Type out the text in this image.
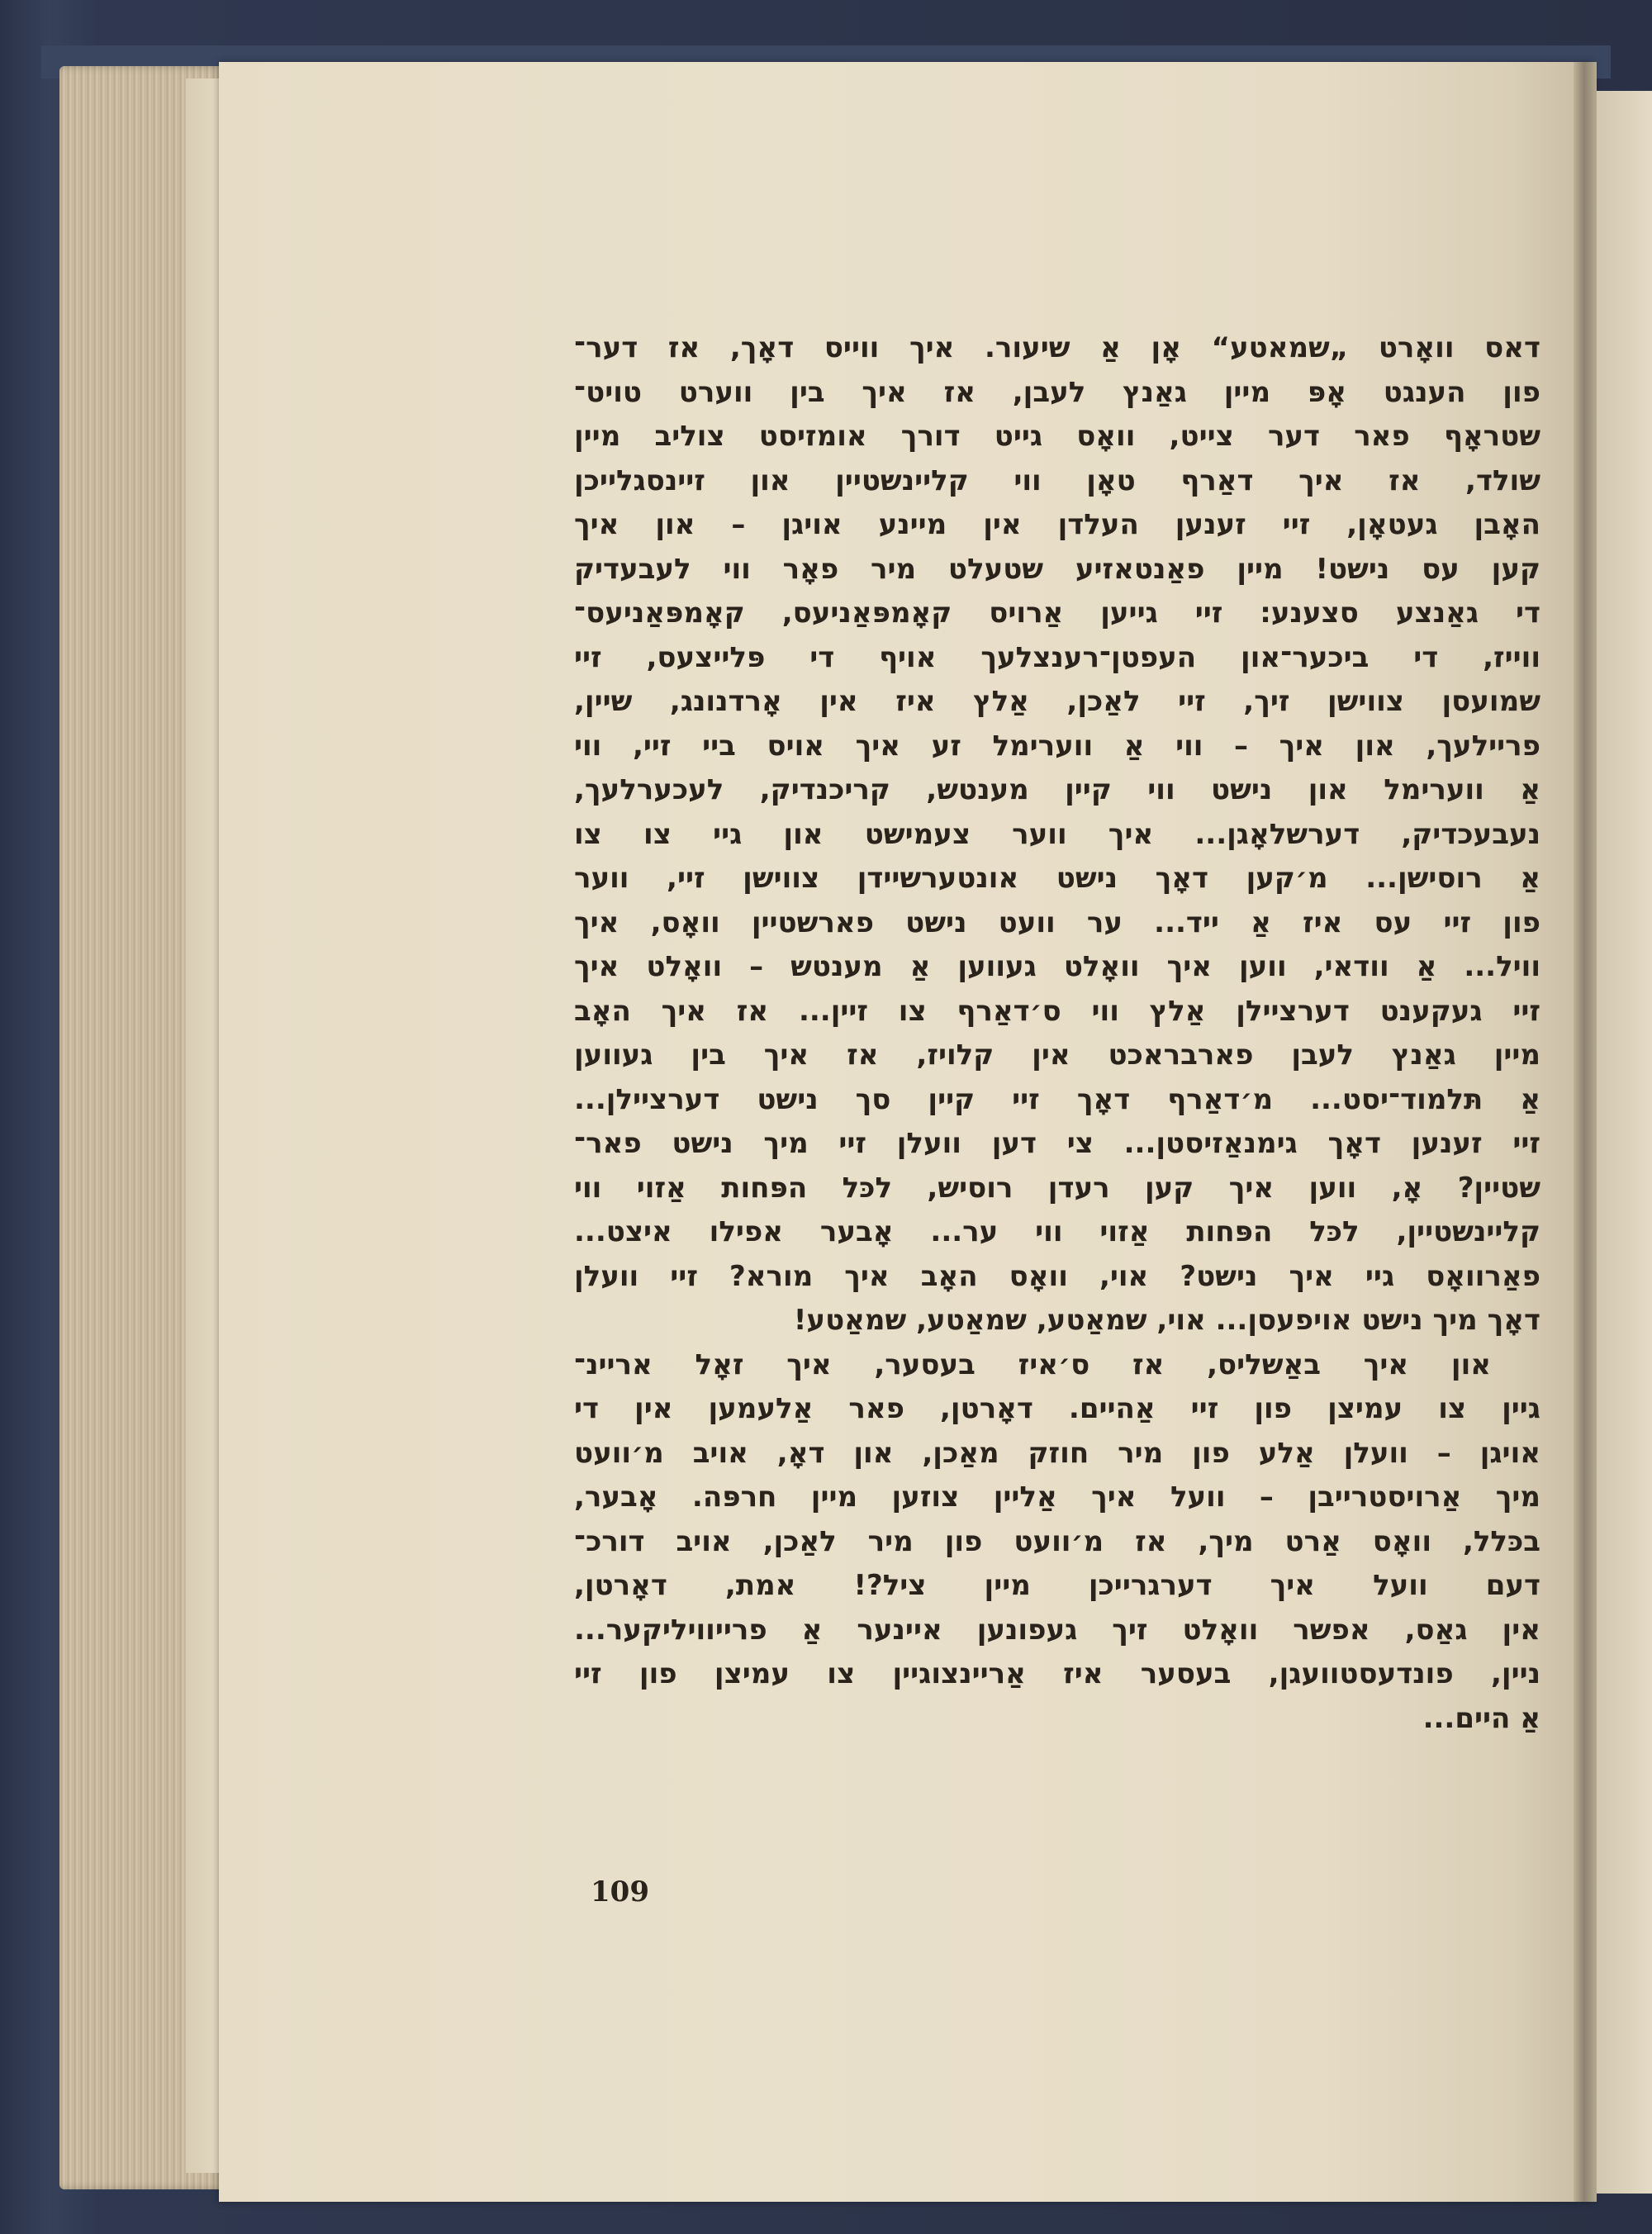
דאס וואָרט „שמאטע“ אָן אַ שיעור. איך ווייס דאָך, אז דער־
פון הענגט אָפּ מיין גאַנץ לעבן, אז איך בין ווערט טויט־
שטראָף פאר דער צייט, וואָס גייט דורך אומזיסט צוליב מיין
שולד, אז איך דאַרף טאָן ווי קליינשטיין און זיינסגלייכן
האָבן געטאָן, זיי זענען העלדן אין מיינע אויגן – און איך
קען עס נישט! מיין פאַנטאזיע שטעלט מיר פאָר ווי לעבעדיק
די גאַנצע סצענע: זיי גייען אַרויס קאָמפּאַניעס, קאָמפּאַניעס־
ווייז, די ביכער־און העפטן־רענצלעך אויף די פּלייצעס, זיי
שמועסן צווישן זיך, זיי לאַכן, אַלץ איז אין אָרדנונג, שיין,
פריילעך, און איך – ווי אַ ווערימל זע איך אויס ביי זיי, ווי
אַ ווערימל און נישט ווי קיין מענטש, קריכנדיק, לעכערלעך,
נעבעכדיק, דערשלאָגן... איך ווער צעמישט און גיי צו צו
אַ רוסישן... מ׳קען דאָך נישט אונטערשיידן צווישן זיי, ווער
פון זיי עס איז אַ ייד... ער וועט נישט פארשטיין וואָס, איך
וויל... אַ וודאי, ווען איך וואָלט געווען אַ מענטש – וואָלט איך
זיי געקענט דערציילן אַלץ ווי ס׳דאַרף צו זיין... אז איך האָב
מיין גאַנץ לעבן פארבראכט אין קלויז, אז איך בין געווען
אַ תּלמוד־יסט... מ׳דאַרף דאָך זיי קיין סך נישט דערציילן...
זיי זענען דאָך גימנאַזיסטן... צי דען וועלן זיי מיך נישט פאר־
שטיין? אָ, ווען איך קען רעדן רוסיש, לכּל הפּחות אַזוי ווי
קליינשטיין, לכּל הפּחות אַזוי ווי ער... אָבער אפילו איצט...
פאַרוואָס גיי איך נישט? אוי, וואָס האָב איך מורא? זיי וועלן
דאָך מיך נישט אויפעסן... אוי, שמאַטע, שמאַטע, שמאַטע!
און איך באַשליס, אז ס׳איז בעסער, איך זאָל אריינ־
גיין צו עמיצן פון זיי אַהיים. דאָרטן, פאר אַלעמען אין די
אויגן – וועלן אַלע פון מיר חוזק מאַכן, און דאָ, אויב מ׳וועט
מיך אַרויסטרייבן – וועל איך אַליין צוזען מיין חרפּה. אָבער,
בכּלל, וואָס אַרט מיך, אז מ׳וועט פון מיר לאַכן, אויב דורכ־
דעם וועל איך דערגרייכן מיין ציל?! אמת, דאָרטן,
אין גאַס, אפשר וואָלט זיך געפונען איינער אַ פרייוויליקער...
ניין, פונדעסטוועגן, בעסער איז אַריינצוגיין צו עמיצן פון זיי
אַ היים...
109
